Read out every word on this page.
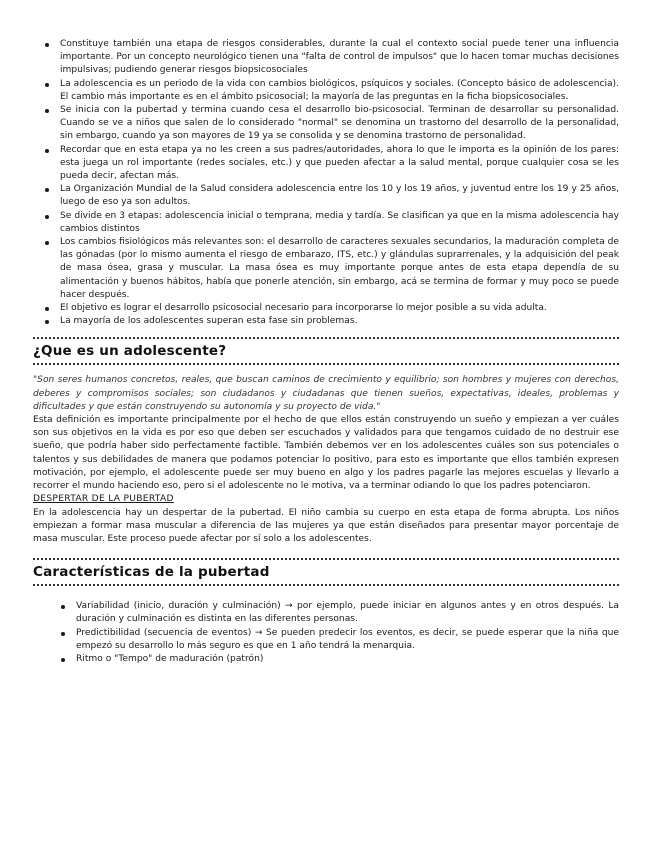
Constituye también una etapa de riesgos considerables, durante la cual el contexto social puede tener una influencia importante. Por un concepto neurológico tienen una "falta de control de impulsos" que lo hacen tomar muchas decisiones impulsivas; pudiendo generar riesgos biopsicosociales
La adolescencia es un periodo de la vida con cambios biológicos, psíquicos y sociales. (Concepto básico de adolescencia). El cambio más importante es en el ámbito psicosocial; la mayoría de las preguntas en la ficha biopsicosociales.
Se inicia con la pubertad y termina cuando cesa el desarrollo bio-psicosocial. Terminan de desarrollar su personalidad. Cuando se ve a niños que salen de lo considerado "normal" se denomina un trastorno del desarrollo de la personalidad, sin embargo, cuando ya son mayores de 19 ya se consolida y se denomina trastorno de personalidad.
Recordar que en esta etapa ya no les creen a sus padres/autoridades, ahora lo que le importa es la opinión de los pares: esta juega un rol importante (redes sociales, etc.) y que pueden afectar a la salud mental, porque cualquier cosa se les pueda decir, afectan más.
La Organización Mundial de la Salud considera adolescencia entre los 10 y los 19 años, y juventud entre los 19 y 25 años, luego de eso ya son adultos.
Se divide en 3 etapas: adolescencia inicial o temprana, media y tardía. Se clasifican ya que en la misma adolescencia hay cambios distintos
Los cambios fisiológicos más relevantes son: el desarrollo de caracteres sexuales secundarios, la maduración completa de las gónadas (por lo mismo aumenta el riesgo de embarazo, ITS, etc.) y glándulas suprarrenales, y la adquisición del peak de masa ósea, grasa y muscular. La masa ósea es muy importante porque antes de esta etapa dependía de su alimentación y buenos hábitos, había que ponerle atención, sin embargo, acá se termina de formar y muy poco se puede hacer después.
El objetivo es lograr el desarrollo psicosocial necesario para incorporarse lo mejor posible a su vida adulta.
La mayoría de los adolescentes superan esta fase sin problemas.
¿Que es un adolescente?

"Son seres humanos concretos, reales, que buscan caminos de crecimiento y equilibrio; son hombres y mujeres con derechos, deberes y compromisos sociales; son ciudadanos y ciudadanas que tienen sueños, expectativas, ideales, problemas y dificultades y que están construyendo su autonomía y su proyecto de vida."

Esta definición es importante principalmente por el hecho de que ellos están construyendo un sueño y empiezan a ver cuáles son sus objetivos en la vida es por eso que deben ser escuchados y validados para que tengamos cuidado de no destruir ese sueño, que podría haber sido perfectamente factible. También debemos ver en los adolescentes cuáles son sus potenciales o talentos y sus debilidades de manera que podamos potenciar lo positivo, para esto es importante que ellos también expresen motivación, por ejemplo, el adolescente puede ser muy bueno en algo y los padres pagarle las mejores escuelas y llevarlo a recorrer el mundo haciendo eso, pero si el adolescente no le motiva, va a terminar odiando lo que los padres potenciaron.

DESPERTAR DE LA PUBERTAD

En la adolescencia hay un despertar de la pubertad. El niño cambia su cuerpo en esta etapa de forma abrupta. Los niños empiezan a formar masa muscular a diferencia de las mujeres ya que están diseñados para presentar mayor porcentaje de masa muscular. Este proceso puede afectar por sí solo a los adolescentes.

Características de la pubertad
Variabilidad (inicio, duración y culminación) → por ejemplo, puede iniciar en algunos antes y en otros después. La duración y culminación es distinta en las diferentes personas.
Predictibilidad (secuencia de eventos) → Se pueden predecir los eventos, es decir, se puede esperar que la niña que empezó su desarrollo lo más seguro es que en 1 año tendrá la menarquia.
Ritmo o "Tempo" de maduración (patrón)
